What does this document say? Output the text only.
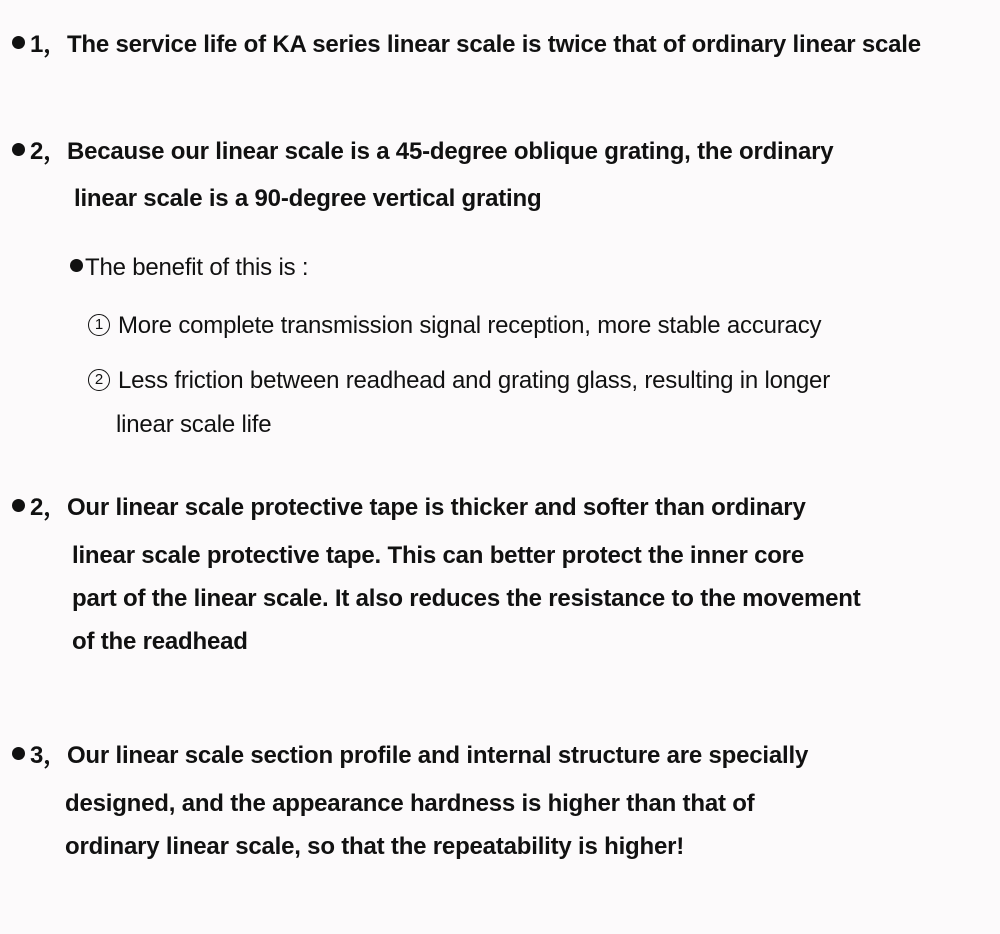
1，The service life of KA series linear scale is twice that of ordinary linear scale
2，Because our linear scale is a 45-degree oblique grating, the ordinary
linear scale is a 90-degree vertical grating
The benefit of this is :
1 More complete transmission signal reception, more stable accuracy
2 Less friction between readhead and grating glass, resulting in longer
linear scale life
2，Our linear scale protective tape is thicker and softer than ordinary
linear scale protective tape. This can better protect the inner core
part of the linear scale. It also reduces the resistance to the movement
of the readhead
3，Our linear scale section profile and internal structure are specially
designed, and the appearance hardness is higher than that of
ordinary linear scale, so that the repeatability is higher!
